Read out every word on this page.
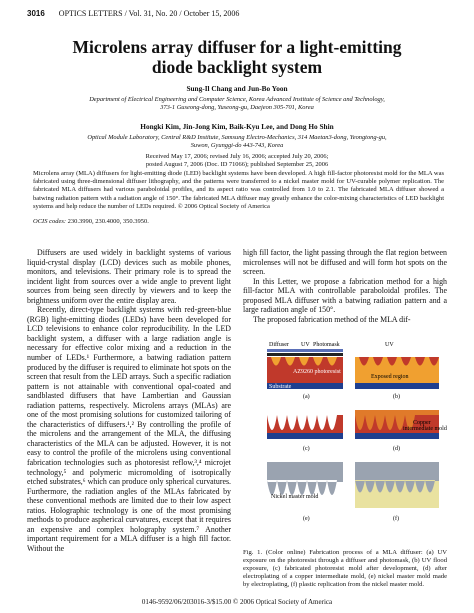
3016 OPTICS LETTERS / Vol. 31, No. 20 / October 15, 2006
Microlens array diffuser for a light-emitting
diode backlight system
Sung-Il Chang and Jun-Bo Yoon
Department of Electrical Engineering and Computer Science, Korea Advanced Institute of Science and Technology,
373-1 Guseong-dong, Yuseong-gu, Daejeon 305-701, Korea
Hongki Kim, Jin-Jong Kim, Baik-Kyu Lee, and Dong Ho Shin
Optical Module Laboratory, Central R&D Institute, Samsung Electro-Mechanics, 314 Maetan3-dong, Yeongtong-gu,
Suwon, Gyunggi-do 443-743, Korea
Received May 17, 2006; revised July 16, 2006; accepted July 20, 2006;
posted August 7, 2006 (Doc. ID 71066); published September 25, 2006
Microlens array (MLA) diffusers for light-emitting diode (LED) backlight systems have been developed. A high fill-factor photoresist mold for the MLA was fabricated using three-dimensional diffuser lithography, and the patterns were transferred to a nickel master mold for UV-curable polymer replication. The fabricated MLA diffusers had various paraboloidal profiles, and its aspect ratio was controlled from 1.0 to 2.1. The fabricated MLA diffuser showed a batwing radiation pattern with a radiation angle of 150°. The fabricated MLA diffuser may greatly enhance the color-mixing characteristics of LED backlight systems and help reduce the number of LEDs required. © 2006 Optical Society of America
OCIS codes: 230.3990, 230.4000, 350.3950.

Diffusers are used widely in backlight systems of various liquid-crystal display (LCD) devices such as mobile phones, monitors, and televisions. Their primary role is to spread the incident light from sources over a wide angle to prevent light sources from being seen directly by viewers and to keep the brightness uniform over the entire display area.

Recently, direct-type backlight systems with red-green-blue (RGB) light-emitting diodes (LEDs) have been developed for LCD televisions to enhance color reproducibility. In the LED backlight system, a diffuser with a large radiation angle is necessary for effective color mixing and a reduction in the number of LEDs.¹ Furthermore, a batwing radiation pattern produced by the diffuser is required to eliminate hot spots on the screen that result from the LED arrays. Such a specific radiation pattern is not attainable with conventional opal-coated and sandblasted diffusers that have Lambertian and Gaussian radiation patterns, respectively. Microlens arrays (MLAs) are one of the most promising solutions for customized tailoring of the characteristics of diffusers.¹,² By controlling the profile of the microlens and the arrangement of the MLA, the diffusing characteristics of the MLA can be adjusted. However, it is not easy to control the profile of the microlens using conventional fabrication technologies such as photoresist reflow,³,⁴ microjet technology,⁵ and polymeric micromolding of isotropically etched substrates,⁶ which can produce only spherical curvatures. Furthermore, the radiation angles of the MLAs fabricated by these conventional methods are limited due to their low aspect ratios. Holographic technology is one of the most promising methods to produce aspherical curvatures, except that it requires an expensive and complex holography system.⁷ Another important requirement for a MLA diffuser is a high fill factor. Without the

high fill factor, the light passing through the flat region between microlenses will not be diffused and will form hot spots on the screen.

In this Letter, we propose a fabrication method for a high fill-factor MLA with controllable paraboloidal profiles. The proposed MLA diffuser with a batwing radiation pattern and a large radiation angle of 150°.

The proposed fabrication method of the MLA dif-

Diffuser UV Photomask
AZ9260 photoresist
Substrate
(a)
UV
Exposed region
(b)
(c)
Copper
intermediate mold
(d)
Nickel master mold
(e)	(f)
Fig. 1. (Color online) Fabrication process of a MLA diffuser: (a) UV exposure on the photoresist through a diffuser and photomask, (b) UV flood exposure, (c) fabricated photoresist mold after development, (d) after electroplating of a copper intermediate mold, (e) nickel master mold made by electroplating, (f) plastic replication from the nickel master mold.
0146-9592/06/203016-3/$15.00 © 2006 Optical Society of America
